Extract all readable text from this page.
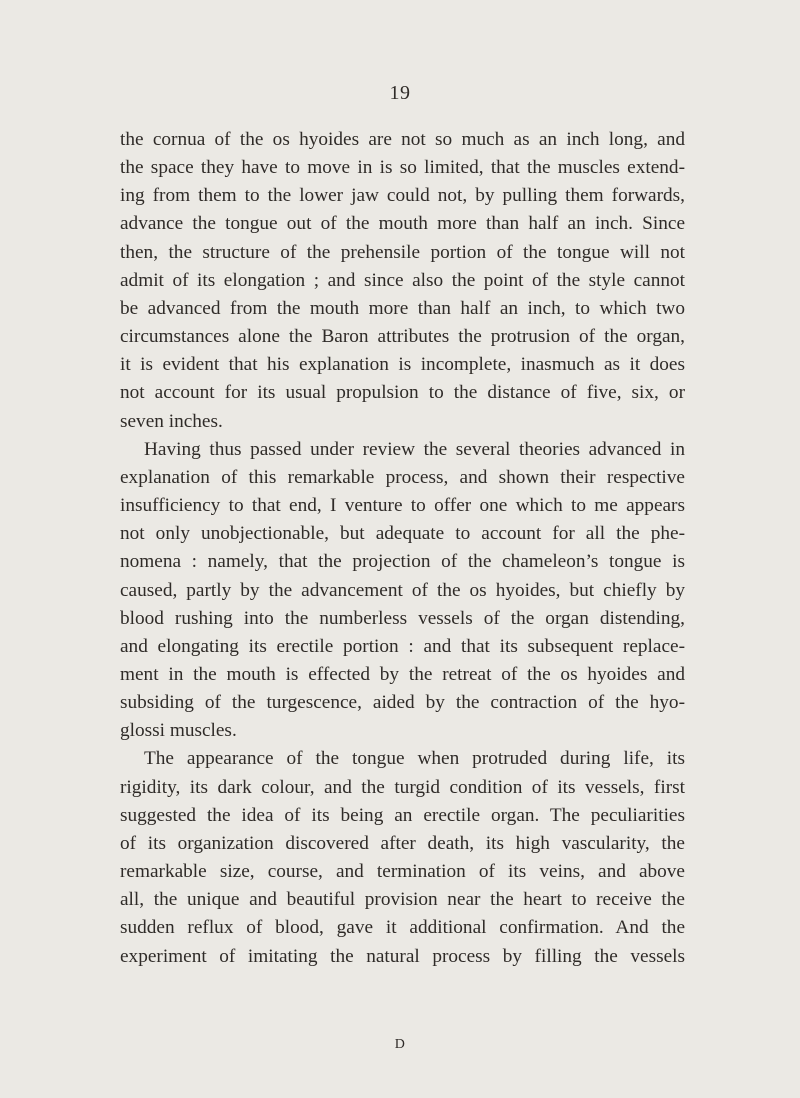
19
the cornua of the os hyoides are not so much as an inch long, and
the space they have to move in is so limited, that the muscles extend-
ing from them to the lower jaw could not, by pulling them forwards,
advance the tongue out of the mouth more than half an inch. Since
then, the structure of the prehensile portion of the tongue will not
admit of its elongation ; and since also the point of the style cannot
be advanced from the mouth more than half an inch, to which two
circumstances alone the Baron attributes the protrusion of the organ,
it is evident that his explanation is incomplete, inasmuch as it does
not account for its usual propulsion to the distance of five, six, or
seven inches.
Having thus passed under review the several theories advanced in
explanation of this remarkable process, and shown their respective
insufficiency to that end, I venture to offer one which to me appears
not only unobjectionable, but adequate to account for all the phe-
nomena : namely, that the projection of the chameleon’s tongue is
caused, partly by the advancement of the os hyoides, but chiefly by
blood rushing into the numberless vessels of the organ distending,
and elongating its erectile portion : and that its subsequent replace-
ment in the mouth is effected by the retreat of the os hyoides and
subsiding of the turgescence, aided by the contraction of the hyo-
glossi muscles.
The appearance of the tongue when protruded during life, its
rigidity, its dark colour, and the turgid condition of its vessels, first
suggested the idea of its being an erectile organ. The peculiarities
of its organization discovered after death, its high vascularity, the
remarkable size, course, and termination of its veins, and above
all, the unique and beautiful provision near the heart to receive the
sudden reflux of blood, gave it additional confirmation. And the
experiment of imitating the natural process by filling the vessels
D
